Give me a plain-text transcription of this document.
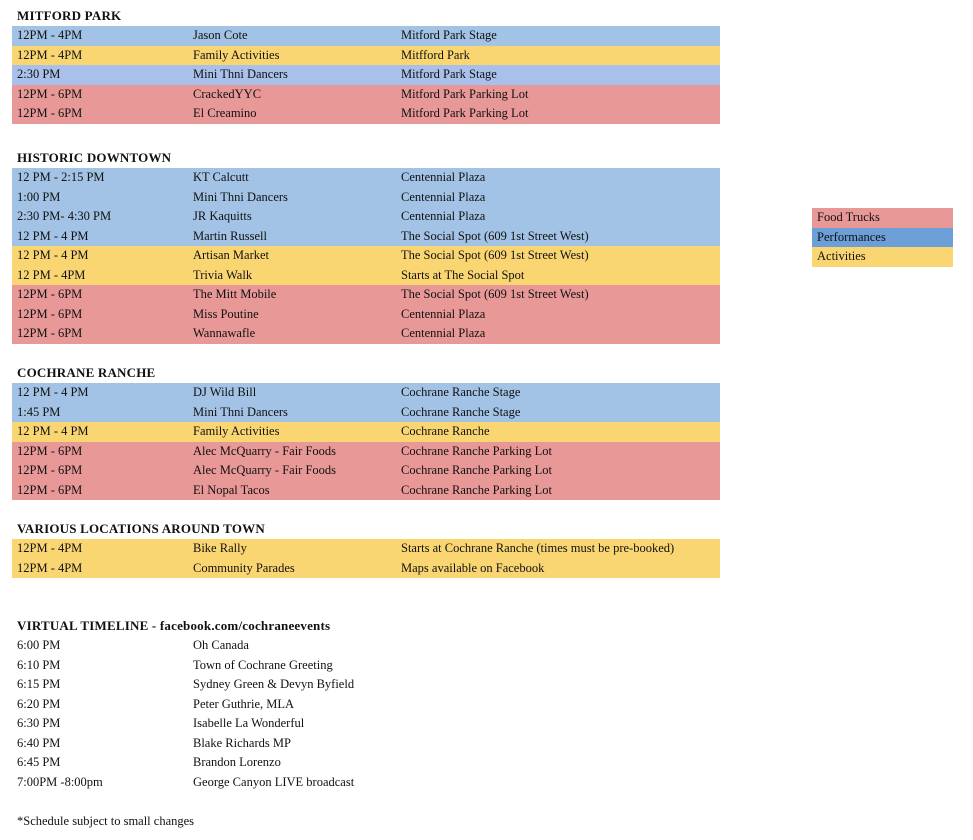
MITFORD PARK
12PM - 4PM	Jason Cote	Mitford Park Stage
12PM - 4PM	Family Activities	Mitfford Park
2:30 PM	Mini Thni Dancers	Mitford Park Stage
12PM - 6PM	CrackedYYC	Mitford Park Parking Lot
12PM - 6PM	El Creamino	Mitford Park Parking Lot
HISTORIC DOWNTOWN
12 PM - 2:15 PM	KT Calcutt	Centennial Plaza
1:00 PM	Mini Thni Dancers	Centennial Plaza
2:30 PM- 4:30 PM	JR Kaquitts	Centennial Plaza
12 PM - 4 PM	Martin Russell	The Social Spot (609 1st Street West)
12 PM - 4 PM	Artisan Market	The Social Spot (609 1st Street West)
12 PM - 4PM	Trivia Walk	Starts at The Social Spot
12PM - 6PM	The Mitt Mobile	The Social Spot (609 1st Street West)
12PM - 6PM	Miss Poutine	Centennial Plaza
12PM - 6PM	Wannawafle	Centennial Plaza
COCHRANE RANCHE
12 PM - 4 PM	DJ Wild Bill	Cochrane Ranche Stage
1:45 PM	Mini Thni Dancers	Cochrane Ranche Stage
12 PM - 4 PM	Family Activities	Cochrane Ranche
12PM - 6PM	Alec McQuarry - Fair Foods	Cochrane Ranche Parking Lot
12PM - 6PM	Alec McQuarry - Fair Foods	Cochrane Ranche Parking Lot
12PM - 6PM	El Nopal Tacos	Cochrane Ranche Parking Lot
VARIOUS LOCATIONS AROUND TOWN
12PM - 4PM	Bike Rally	Starts at Cochrane Ranche (times must be pre-booked)
12PM - 4PM	Community Parades	Maps available on Facebook
VIRTUAL TIMELINE - facebook.com/cochraneevents
6:00 PM	Oh Canada
6:10 PM	Town of Cochrane Greeting
6:15 PM	Sydney Green & Devyn Byfield
6:20 PM	Peter Guthrie, MLA
6:30 PM	Isabelle La Wonderful
6:40 PM	Blake Richards MP
6:45 PM	Brandon Lorenzo
7:00PM -8:00pm	George Canyon LIVE broadcast
Food Trucks
Performances
Activities
*Schedule subject to small changes
